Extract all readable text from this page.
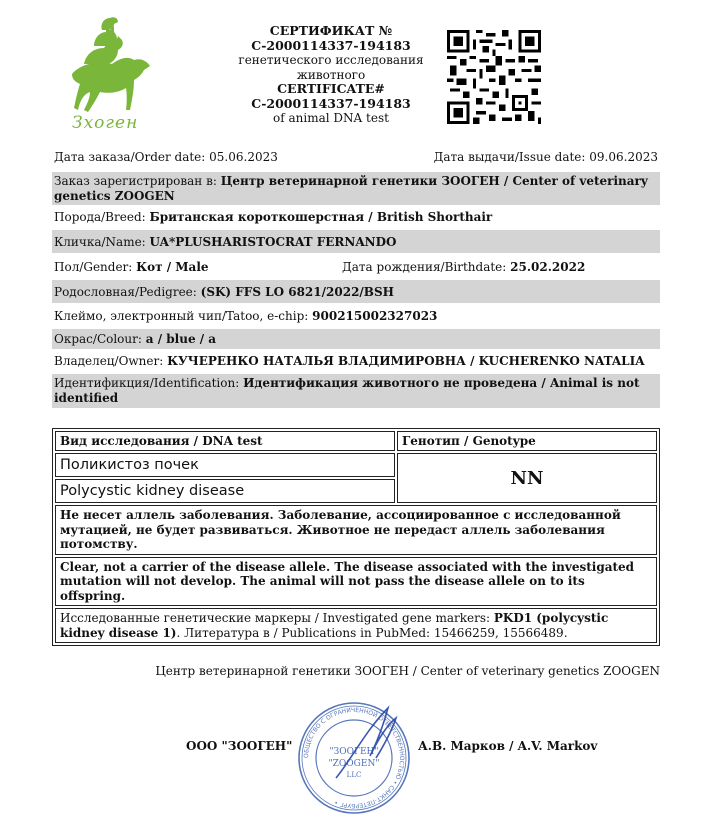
Зхоген
СЕРТИФИКАТ №
C-2000114337-194183
генетического исследования
животного
CERTIFICATE#
C-2000114337-194183
of animal DNA test
Дата заказа/Order date: 05.06.2023	Дата выдачи/Issue date: 09.06.2023
Заказ зарегистрирован в: Центр ветеринарной генетики ЗООГЕН / Center of veterinary genetics ZOOGEN
Порода/Breed: Британская короткошерстная / British Shorthair
Кличка/Name: UA*PLUSHARISTOCRAT FERNANDO
Пол/Gender: Кот / Male	Дата рождения/Birthdate: 25.02.2022
Родословная/Pedigree: (SK) FFS LO 6821/2022/BSH
Клеймо, электронный чип/Tatoo, e-chip: 900215002327023
Окрас/Colour: a / blue / a
Владелец/Owner: КУЧЕРЕНКО НАТАЛЬЯ ВЛАДИМИРОВНА / KUCHERENKO NATALIA
Идентификция/Identification: Идентификация животного не проведена / Animal is not identified
Вид исследования / DNA test	Генотип / Genotype
Поликистоз почек	NN
Polycystic kidney disease	
Не несет аллель заболевания. Заболевание, ассоциированное с исследованной мутацией, не будет развиваться. Животное не передаст аллель заболевания потомству.	
Clear, not a carrier of the disease allele. The disease associated with the investigated mutation will not develop. The animal will not pass the disease allele on to its offspring.	
Исследованные генетические маркеры / Investigated gene markers: PKD1 (polycystic kidney disease 1). Литература в / Publications in PubMed: 15466259, 15566489.	
Центр ветеринарной генетики ЗООГЕН / Center of veterinary genetics ZOOGEN
ООО "ЗООГЕН"	А.В. Марков / A.V. Markov
ОБЩЕСТВО С ОГРАНИЧЕННОЙ ОТВЕТСТВЕННОСТЬЮ • САНКТ-ПЕТЕРБУРГ •
"ЗООГЕН"
"ZOOGEN"
LLC
